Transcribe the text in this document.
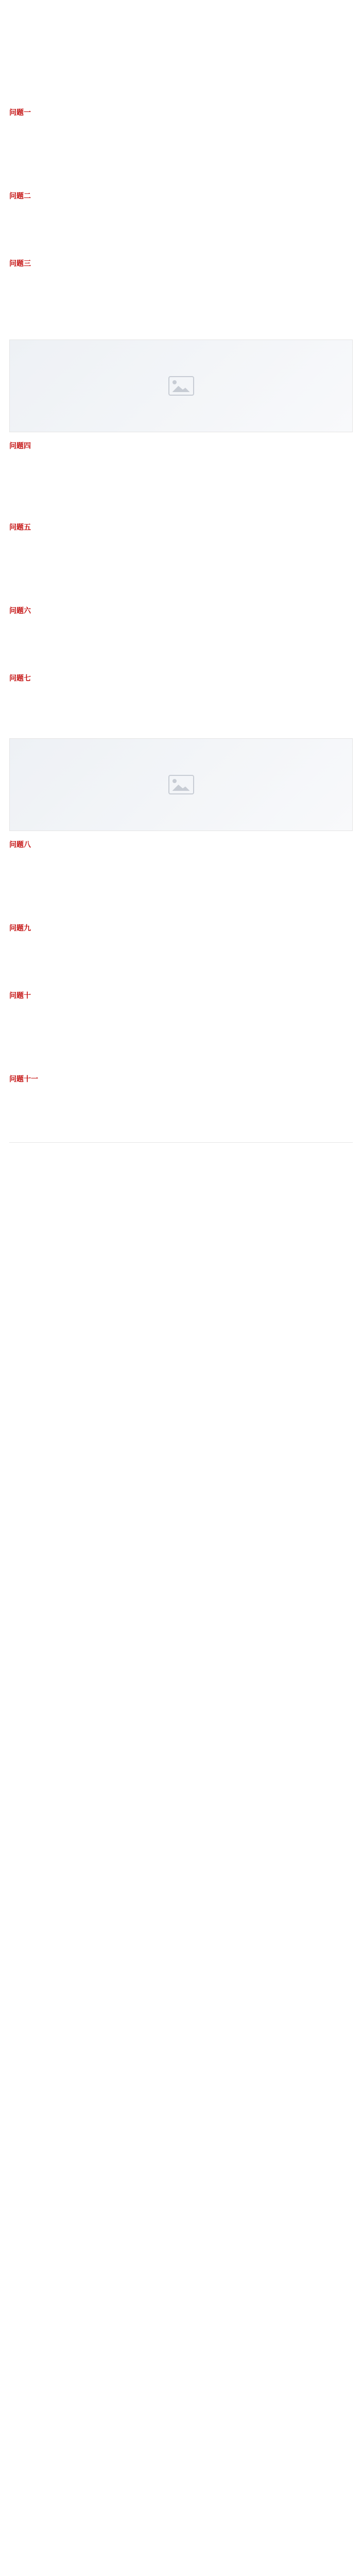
问题一

问题二

问题三

问题四

问题五

问题六

问题七

问题八

问题九

问题十

问题十一
